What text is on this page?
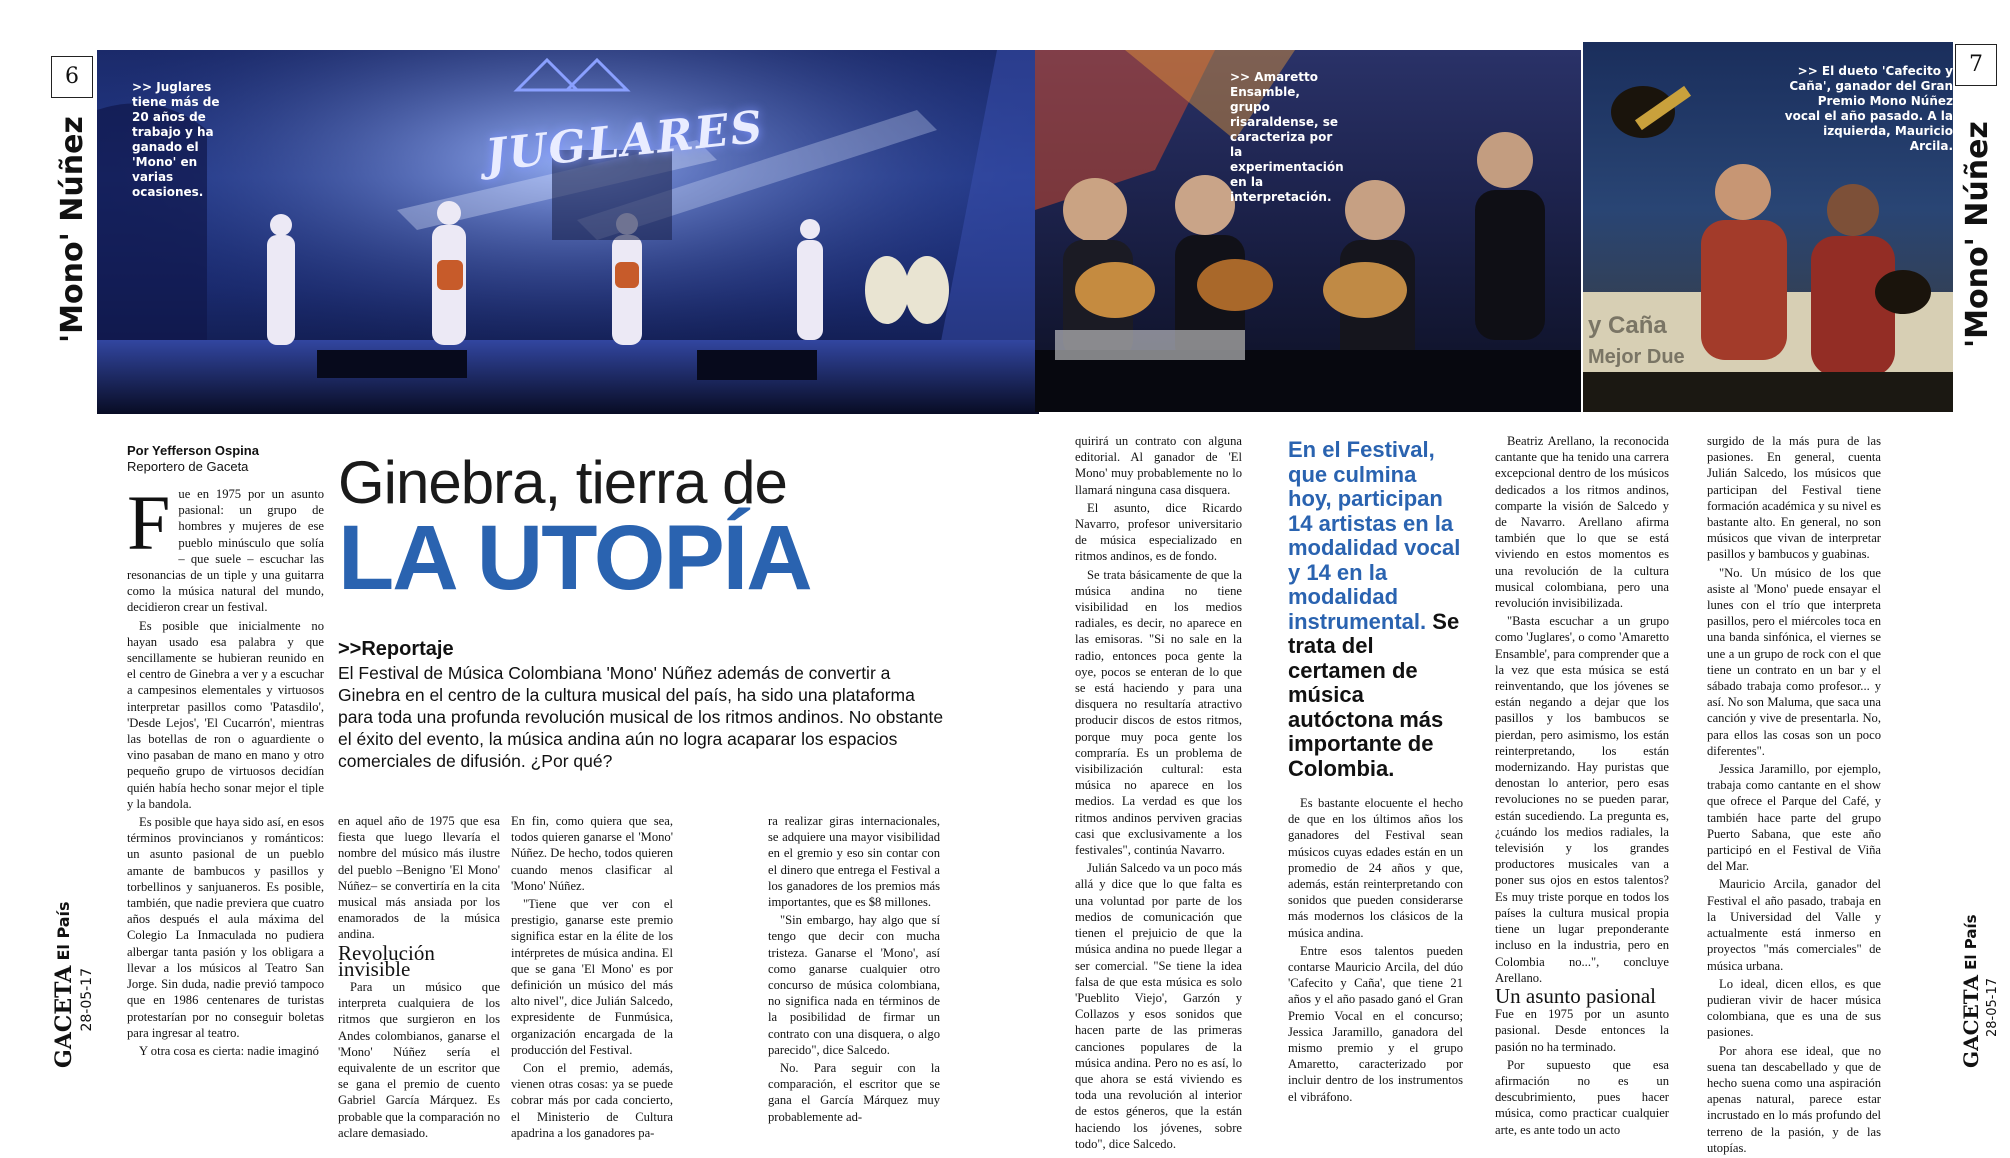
6
'Mono' Núñez	JUGLARES
>> Juglares tiene más de 20 años de trabajo y ha ganado el 'Mono' en varias ocasiones.
Por Yefferson Ospina
Reportero de Gaceta Ginebra, tierra de
LA UTOPÍA
>>Reportaje
El Festival de Música Colombiana 'Mono' Núñez además de convertir a Ginebra en el centro de la cultura musical del país, ha sido una plataforma para toda una profunda revolución musical de los ritmos andinos. No obstante el éxito del evento, la música andina aún no logra acaparar los espacios comerciales de difusión. ¿Por qué?

Fue en 1975 por un asunto pasional: un grupo de hombres y mujeres de ese pueblo minúsculo que solía – que suele – escuchar las resonancias de un tiple y una guitarra como la música natural del mundo, decidieron crear un festival.

Es posible que inicialmente no hayan usado esa palabra y que sencillamente se hubieran reunido en el centro de Ginebra a ver y a escuchar a campesinos elementales y virtuosos interpretar pasillos como 'Patasdilo', 'Desde Lejos', 'El Cucarrón', mientras las botellas de ron o aguardiente o vino pasaban de mano en mano y otro pequeño grupo de virtuosos decidían quién había hecho sonar mejor el tiple y la bandola.

Es posible que haya sido así, en esos términos provincianos y románticos: un asunto pasional de un pueblo amante de bambucos y pasillos y torbellinos y sanjuaneros. Es posible, también, que nadie previera que cuatro años después el aula máxima del Colegio La Inmaculada no pudiera albergar tanta pasión y los obligara a llevar a los músicos al Teatro San Jorge. Sin duda, nadie previó tampoco que en 1986 centenares de turistas protestarían por no conseguir boletas para ingresar al teatro.

Y otra cosa es cierta: nadie imaginó

en aquel año de 1975 que esa fiesta que luego llevaría el nombre del músico más ilustre del pueblo –Benigno 'El Mono' Núñez– se convertiría en la cita musical más ansiada por los enamorados de la música andina.

Revolución invisible

Para un músico que interpreta cualquiera de los ritmos que surgieron en los Andes colombianos, ganarse el 'Mono' Núñez sería el equivalente de un escritor que se gana el premio de cuento Gabriel García Márquez. Es probable que la comparación no aclare demasiado.

En fin, como quiera que sea, todos quieren ganarse el 'Mono' Núñez. De hecho, todos quieren cuando menos clasificar al 'Mono' Núñez.

"Tiene que ver con el prestigio, ganarse este premio significa estar en la élite de los intérpretes de música andina. El que se gana 'El Mono' es por definición un músico del más alto nivel", dice Julián Salcedo, expresidente de Funmúsica, organización encargada de la producción del Festival.

Con el premio, además, vienen otras cosas: ya se puede cobrar más por cada concierto, el Ministerio de Cultura apadrina a los ganadores pa-

ra realizar giras internacionales, se adquiere una mayor visibilidad en el gremio y eso sin contar con el dinero que entrega el Festival a los ganadores de los premios más importantes, que es $8 millones.

"Sin embargo, hay algo que sí tengo que decir con mucha tristeza. Ganarse el 'Mono', así como ganarse cualquier otro concurso de música colombiana, no significa nada en términos de la posibilidad de firmar un contrato con una disquera, o algo parecido", dice Salcedo.

No. Para seguir con la comparación, el escritor que se gana el García Márquez muy probablemente ad-

GACETA El País
28-05-17
>> Amaretto Ensamble, grupo risaraldense, se caracteriza por la experimentación en la interpretación.
y Caña
Mejor Due
>> El dueto 'Cafecito y Caña', ganador del Gran Premio Mono Núñez vocal el año pasado. A la izquierda, Mauricio Arcila.
7
'Mono' Núñez

quirirá un contrato con alguna editorial. Al ganador de 'El Mono' muy probablemente no lo llamará ninguna casa disquera.

El asunto, dice Ricardo Navarro, profesor universitario de música especializado en ritmos andinos, es de fondo.

Se trata básicamente de que la música andina no tiene visibilidad en los medios radiales, es decir, no aparece en las emisoras. "Si no sale en la radio, entonces poca gente la oye, pocos se enteran de lo que se está haciendo y para una disquera no resultaría atractivo producir discos de estos ritmos, porque muy poca gente los compraría. Es un problema de visibilización cultural: esta música no aparece en los medios. La verdad es que los ritmos andinos perviven gracias casi que exclusivamente a los festivales", continúa Navarro.

Julián Salcedo va un poco más allá y dice que lo que falta es una voluntad por parte de los medios de comunicación que tienen el prejuicio de que la música andina no puede llegar a ser comercial. "Se tiene la idea falsa de que esta música es solo 'Pueblito Viejo', Garzón y Collazos y esos sonidos que hacen parte de las primeras canciones populares de la música andina. Pero no es así, lo que ahora se está viviendo es toda una revolución al interior de estos géneros, que la están haciendo los jóvenes, sobre todo", dice Salcedo.

En el Festival, que culmina hoy, participan 14 artistas en la modalidad vocal y 14 en la modalidad instrumental. Se trata del certamen de música autóctona más importante de Colombia.

Es bastante elocuente el hecho de que en los últimos años los ganadores del Festival sean músicos cuyas edades están en un promedio de 24 años y que, además, están reinterpretando con sonidos que pueden considerarse más modernos los clásicos de la música andina.

Entre esos talentos pueden contarse Mauricio Arcila, del dúo 'Cafecito y Caña', que tiene 21 años y el año pasado ganó el Gran Premio Vocal en el concurso; Jessica Jaramillo, ganadora del mismo premio y el grupo Amaretto, caracterizado por incluir dentro de los instrumentos el vibráfono.

Beatriz Arellano, la reconocida cantante que ha tenido una carrera excepcional dentro de los músicos dedicados a los ritmos andinos, comparte la visión de Salcedo y de Navarro. Arellano afirma también que lo que se está viviendo en estos momentos es una revolución de la cultura musical colombiana, pero una revolución invisibilizada.

"Basta escuchar a un grupo como 'Juglares', o como 'Amaretto Ensamble', para comprender que a la vez que esta música se está reinventando, que los jóvenes se están negando a dejar que los pasillos y los bambucos se pierdan, pero asimismo, los están reinterpretando, los están modernizando. Hay puristas que denostan lo anterior, pero esas revoluciones no se pueden parar, están sucediendo. La pregunta es, ¿cuándo los medios radiales, la televisión y los grandes productores musicales van a poner sus ojos en estos talentos? Es muy triste porque en todos los países la cultura musical propia tiene un lugar preponderante incluso en la industria, pero en Colombia no...", concluye Arellano.

Un asunto pasional

Fue en 1975 por un asunto pasional. Desde entonces la pasión no ha terminado.

Por supuesto que esa afirmación no es un descubrimiento, pues hacer música, como practicar cualquier arte, es ante todo un acto

surgido de la más pura de las pasiones. En general, cuenta Julián Salcedo, los músicos que participan del Festival tiene formación académica y su nivel es bastante alto. En general, no son músicos que vivan de interpretar pasillos y bambucos y guabinas.

"No. Un músico de los que asiste al 'Mono' puede ensayar el lunes con el trío que interpreta pasillos, pero el miércoles toca en una banda sinfónica, el viernes se une a un grupo de rock con el que tiene un contrato en un bar y el sábado trabaja como profesor... y así. No son Maluma, que saca una canción y vive de presentarla. No, para ellos las cosas son un poco diferentes".

Jessica Jaramillo, por ejemplo, trabaja como cantante en el show que ofrece el Parque del Café, y también hace parte del grupo Puerto Sabana, que este año participó en el Festival de Viña del Mar.

Mauricio Arcila, ganador del Festival el año pasado, trabaja en la Universidad del Valle y actualmente está inmerso en proyectos "más comerciales" de música urbana.

Lo ideal, dicen ellos, es que pudieran vivir de hacer música colombiana, que es una de sus pasiones.

Por ahora ese ideal, que no suena tan descabellado y que de hecho suena como una aspiración apenas natural, parece estar incrustado en lo más profundo del terreno de la pasión, y de las utopías.

GACETA El País
28-05-17
